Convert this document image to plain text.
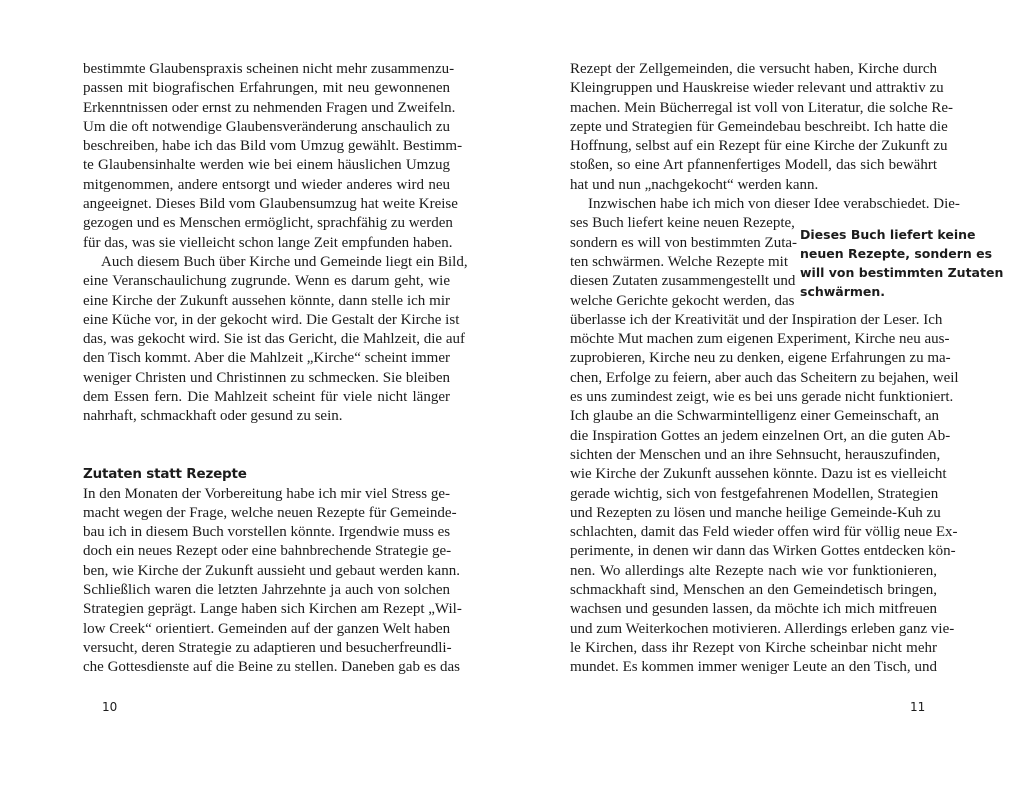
bestimmte Glaubenspraxis scheinen nicht mehr zusammenzu-
passen mit biografischen Erfahrungen, mit neu gewonnenen
Erkenntnissen oder ernst zu nehmenden Fragen und Zweifeln.
Um die oft notwendige Glaubensveränderung anschaulich zu
beschreiben, habe ich das Bild vom Umzug gewählt. Bestimm-
te Glaubensinhalte werden wie bei einem häuslichen Umzug
mitgenommen, andere entsorgt und wieder anderes wird neu
angeeignet. Dieses Bild vom Glaubensumzug hat weite Kreise
gezogen und es Menschen ermöglicht, sprachfähig zu werden
für das, was sie vielleicht schon lange Zeit empfunden haben.
Auch diesem Buch über Kirche und Gemeinde liegt ein Bild,
eine Veranschaulichung zugrunde. Wenn es darum geht, wie
eine Kirche der Zukunft aussehen könnte, dann stelle ich mir
eine Küche vor, in der gekocht wird. Die Gestalt der Kirche ist
das, was gekocht wird. Sie ist das Gericht, die Mahlzeit, die auf
den Tisch kommt. Aber die Mahlzeit „Kirche“ scheint immer
weniger Christen und Christinnen zu schmecken. Sie bleiben
dem Essen fern. Die Mahlzeit scheint für viele nicht länger
nahrhaft, schmackhaft oder gesund zu sein.
Zutaten statt Rezepte
In den Monaten der Vorbereitung habe ich mir viel Stress ge-
macht wegen der Frage, welche neuen Rezepte für Gemeinde-
bau ich in diesem Buch vorstellen könnte. Irgendwie muss es
doch ein neues Rezept oder eine bahnbrechende Strategie ge-
ben, wie Kirche der Zukunft aussieht und gebaut werden kann.
Schließlich waren die letzten Jahrzehnte ja auch von solchen
Strategien geprägt. Lange haben sich Kirchen am Rezept „Wil-
low Creek“ orientiert. Gemeinden auf der ganzen Welt haben
versucht, deren Strategie zu adaptieren und besucherfreundli-
che Gottesdienste auf die Beine zu stellen. Daneben gab es das
10
Rezept der Zellgemeinden, die versucht haben, Kirche durch
Kleingruppen und Hauskreise wieder relevant und attraktiv zu
machen. Mein Bücherregal ist voll von Literatur, die solche Re-
zepte und Strategien für Gemeindebau beschreibt. Ich hatte die
Hoffnung, selbst auf ein Rezept für eine Kirche der Zukunft zu
stoßen, so eine Art pfannenfertiges Modell, das sich bewährt
hat und nun „nachgekocht“ werden kann.
Inzwischen habe ich mich von dieser Idee verabschiedet. Die-
ses Buch liefert keine neuen Rezepte,
sondern es will von bestimmten Zuta-
ten schwärmen. Welche Rezepte mit
diesen Zutaten zusammengestellt und
welche Gerichte gekocht werden, das
überlasse ich der Kreativität und der Inspiration der Leser. Ich
möchte Mut machen zum eigenen Experiment, Kirche neu aus-
zuprobieren, Kirche neu zu denken, eigene Erfahrungen zu ma-
chen, Erfolge zu feiern, aber auch das Scheitern zu bejahen, weil
es uns zumindest zeigt, wie es bei uns gerade nicht funktioniert.
Ich glaube an die Schwarmintelligenz einer Gemeinschaft, an
die Inspiration Gottes an jedem einzelnen Ort, an die guten Ab-
sichten der Menschen und an ihre Sehnsucht, herauszufinden,
wie Kirche der Zukunft aussehen könnte. Dazu ist es vielleicht
gerade wichtig, sich von festgefahrenen Modellen, Strategien
und Rezepten zu lösen und manche heilige Gemeinde-Kuh zu
schlachten, damit das Feld wieder offen wird für völlig neue Ex-
perimente, in denen wir dann das Wirken Gottes entdecken kön-
nen. Wo allerdings alte Rezepte nach wie vor funktionieren,
schmackhaft sind, Menschen an den Gemeindetisch bringen,
wachsen und gesunden lassen, da möchte ich mich mitfreuen
und zum Weiterkochen motivieren. Allerdings erleben ganz vie-
le Kirchen, dass ihr Rezept von Kirche scheinbar nicht mehr
mundet. Es kommen immer weniger Leute an den Tisch, und
Dieses Buch liefert keine
neuen Rezepte, sondern es
will von bestimmten Zutaten
schwärmen.
11
